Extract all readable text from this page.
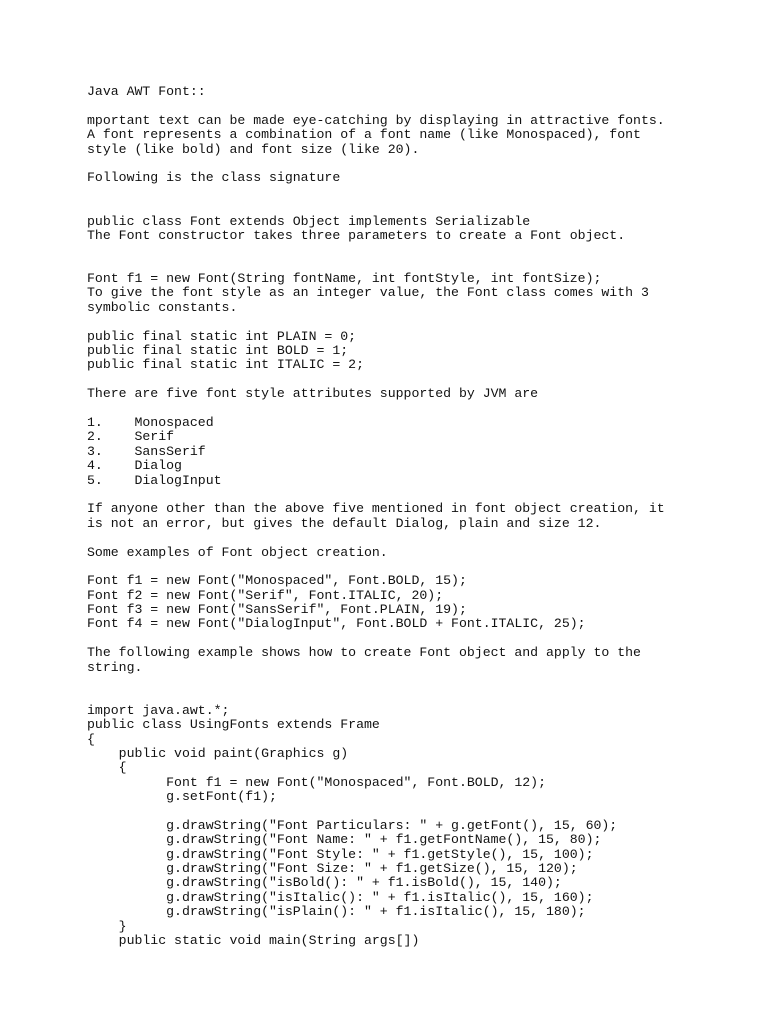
Java AWT Font::
mportant text can be made eye-catching by displaying in attractive fonts.
A font represents a combination of a font name (like Monospaced), font
style (like bold) and font size (like 20).
Following is the class signature
public class Font extends Object implements Serializable
The Font constructor takes three parameters to create a Font object.
Font f1 = new Font(String fontName, int fontStyle, int fontSize);
To give the font style as an integer value, the Font class comes with 3
symbolic constants.
public final static int PLAIN = 0;
public final static int BOLD = 1;
public final static int ITALIC = 2;
There are five font style attributes supported by JVM are
1.    Monospaced
2.    Serif
3.    SansSerif
4.    Dialog
5.    DialogInput
If anyone other than the above five mentioned in font object creation, it
is not an error, but gives the default Dialog, plain and size 12.
Some examples of Font object creation.
Font f1 = new Font("Monospaced", Font.BOLD, 15);
Font f2 = new Font("Serif", Font.ITALIC, 20);
Font f3 = new Font("SansSerif", Font.PLAIN, 19);
Font f4 = new Font("DialogInput", Font.BOLD + Font.ITALIC, 25);
The following example shows how to create Font object and apply to the
string.
import java.awt.*;
public class UsingFonts extends Frame
{
public void paint(Graphics g)
{
Font f1 = new Font("Monospaced", Font.BOLD, 12);
g.setFont(f1);
g.drawString("Font Particulars: " + g.getFont(), 15, 60);
g.drawString("Font Name: " + f1.getFontName(), 15, 80);
g.drawString("Font Style: " + f1.getStyle(), 15, 100);
g.drawString("Font Size: " + f1.getSize(), 15, 120);
g.drawString("isBold(): " + f1.isBold(), 15, 140);
g.drawString("isItalic(): " + f1.isItalic(), 15, 160);
g.drawString("isPlain(): " + f1.isItalic(), 15, 180);
}
public static void main(String args[])
